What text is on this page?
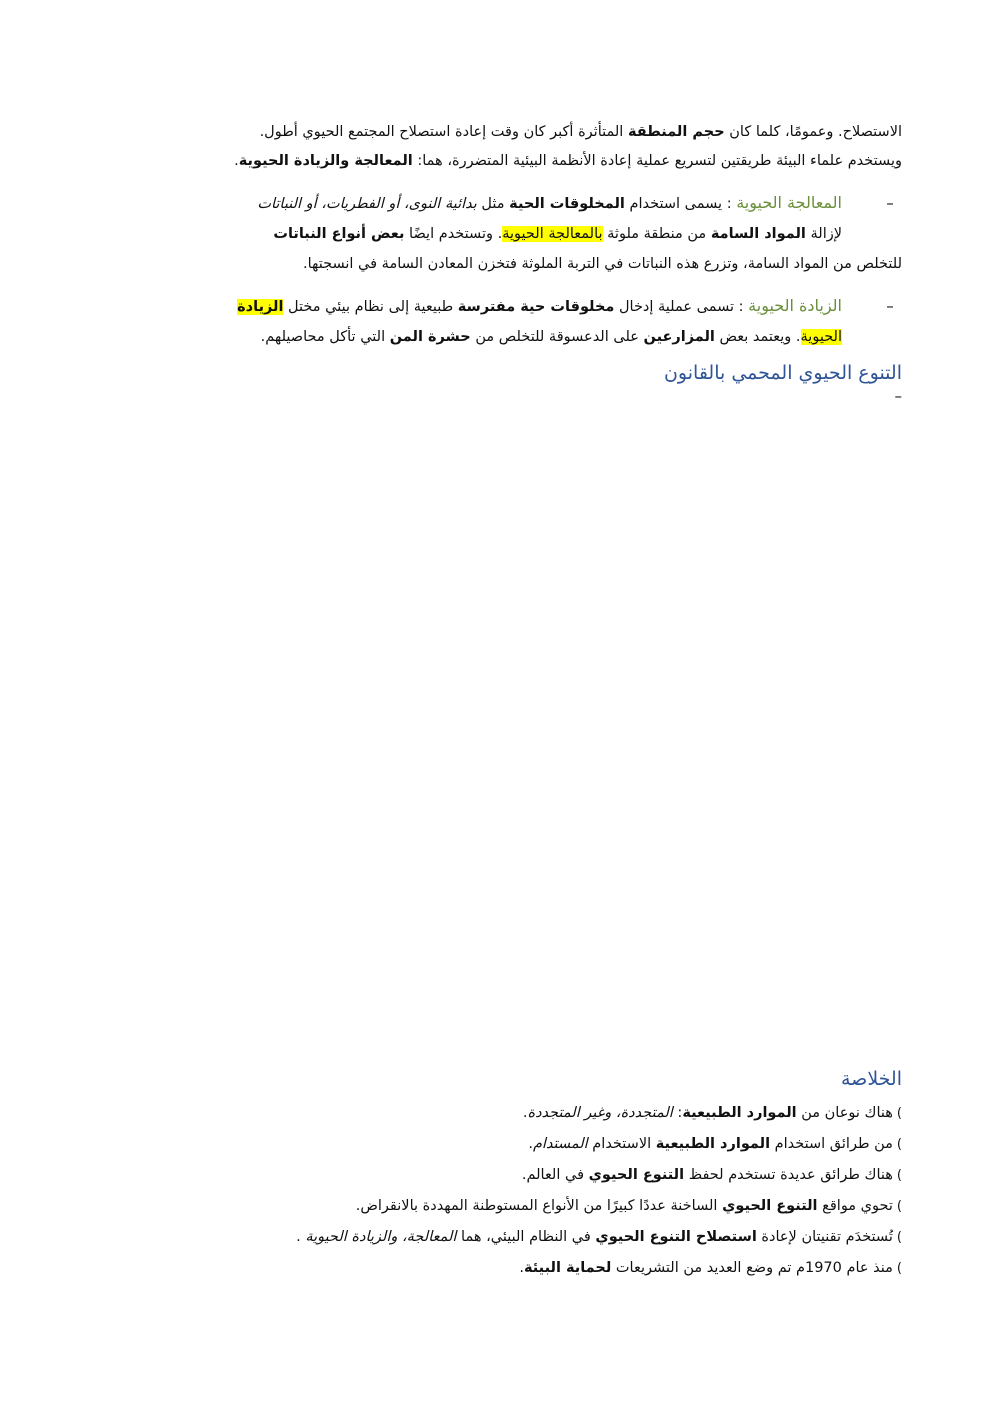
الاستصلاح. وعمومًا، كلما كان حجم المنطقة المتأثرة أكبر كان وقت إعادة استصلاح المجتمع الحيوي أطول.

ويستخدم علماء البيئة طريقتين لتسريع عملية إعادة الأنظمة البيئية المتضررة، هما: المعالجة والزيادة الحيوية.

–

المعالجة الحيوية : يسمى استخدام المخلوقات الحية مثل بدائية النوى، أو الفطريات، أو النباتات

لإزالة المواد السامة من منطقة ملوثة بالمعالجة الحيوية. وتستخدم ايضًا بعض أنواع النباتات

للتخلص من المواد السامة، وتزرع هذه النباتات في التربة الملوثة فتخزن المعادن السامة في انسجتها.

–

الزيادة الحيوية : تسمى عملية إدخال مخلوقات حية مفترسة طبيعية إلى نظام بيئي مختل الزيادة

الحيوية. ويعتمد بعض المزارعين على الدعسوقة للتخلص من حشرة المن التي تأكل محاصيلهم.

التنوع الحيوي المحمي بالقانون
–
الخلاصة
)هناك نوعان من الموارد الطبيعية: المتجددة، وغير المتجددة.
)من طرائق استخدام الموارد الطبيعية الاستخدام المستدام.
)هناك طرائق عديدة تستخدم لحفظ التنوع الحيوي في العالم.
)تحوي مواقع التنوع الحيوي الساخنة عددًا كبيرًا من الأنواع المستوطنة المهددة بالانقراض.
)تُستخدَم تقنيتان لإعادة استصلاح التنوع الحيوي في النظام البيئي، هما المعالجة، والزيادة الحيوية .
)منذ عام 1970م تم وضع العديد من التشريعات لحماية البيئة.
